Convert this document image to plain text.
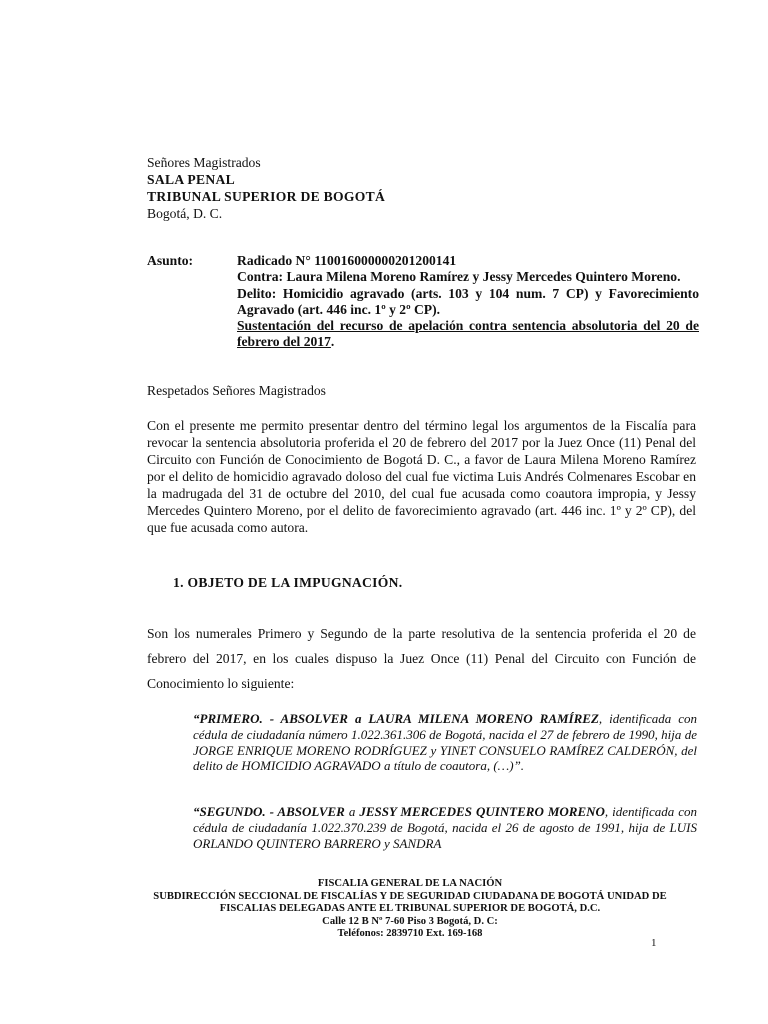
Señores Magistrados
SALA PENAL
TRIBUNAL SUPERIOR DE BOGOTÁ
Bogotá, D. C.
Asunto:	Radicado N° 110016000000201200141
Contra: Laura Milena Moreno Ramírez y Jessy Mercedes Quintero Moreno.
Delito: Homicidio agravado (arts. 103 y 104 num. 7 CP) y Favorecimiento Agravado (art. 446 inc. 1º y 2º CP).
Sustentación del recurso de apelación contra sentencia absolutoria del 20 de febrero del 2017.
Respetados Señores Magistrados
Con el presente me permito presentar dentro del término legal los argumentos de la Fiscalía para revocar la sentencia absolutoria proferida el 20 de febrero del 2017 por la Juez Once (11) Penal del Circuito con Función de Conocimiento de Bogotá D. C., a favor de Laura Milena Moreno Ramírez por el delito de homicidio agravado doloso del cual fue victima Luis Andrés Colmenares Escobar en la madrugada del 31 de octubre del 2010, del cual fue acusada como coautora impropia, y Jessy Mercedes Quintero Moreno, por el delito de favorecimiento agravado (art. 446 inc. 1º y 2º CP), del que fue acusada como autora.
1. OBJETO DE LA IMPUGNACIÓN.
Son los numerales Primero y Segundo de la parte resolutiva de la sentencia proferida el 20 de febrero del 2017, en los cuales dispuso la Juez Once (11) Penal del Circuito con Función de Conocimiento lo siguiente:
“PRIMERO. - ABSOLVER a LAURA MILENA MORENO RAMÍREZ, identificada con cédula de ciudadanía número 1.022.361.306 de Bogotá, nacida el 27 de febrero de 1990, hija de JORGE ENRIQUE MORENO RODRÍGUEZ y YINET CONSUELO RAMÍREZ CALDERÓN, del delito de HOMICIDIO AGRAVADO a título de coautora, (…)”.
“SEGUNDO. - ABSOLVER a JESSY MERCEDES QUINTERO MORENO, identificada con cédula de ciudadanía 1.022.370.239 de Bogotá, nacida el 26 de agosto de 1991, hija de LUIS ORLANDO QUINTERO BARRERO y SANDRA
FISCALIA GENERAL DE LA NACIÓN
SUBDIRECCIÓN SECCIONAL DE FISCALÍAS Y DE SEGURIDAD CIUDADANA DE BOGOTÁ UNIDAD DE FISCALIAS DELEGADAS ANTE EL TRIBUNAL SUPERIOR DE BOGOTÁ, D.C.
Calle 12 B Nº 7-60 Piso 3 Bogotá, D. C:
Teléfonos: 2839710 Ext. 169-168
1
